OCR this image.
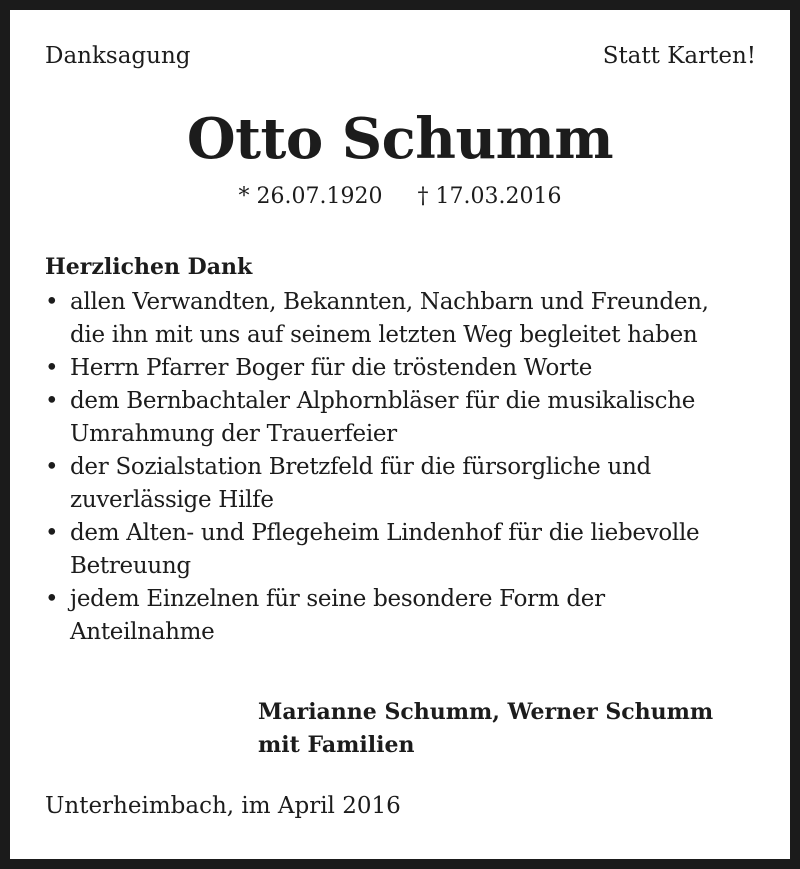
Danksagung	Statt Karten!
Otto Schumm
* 26.07.1920 † 17.03.2016
Herzlichen Dank
• allen Verwandten, Bekannten, Nachbarn und Freunden,
die ihn mit uns auf seinem letzten Weg begleitet haben
• Herrn Pfarrer Boger für die tröstenden Worte
• dem Bernbachtaler Alphornbläser für die musikalische
Umrahmung der Trauerfeier
• der Sozialstation Bretzfeld für die fürsorgliche und
zuverlässige Hilfe
• dem Alten- und Pflegeheim Lindenhof für die liebevolle
Betreuung
• jedem Einzelnen für seine besondere Form der
Anteilnahme
Marianne Schumm, Werner Schumm
mit Familien
Unterheimbach, im April 2016
